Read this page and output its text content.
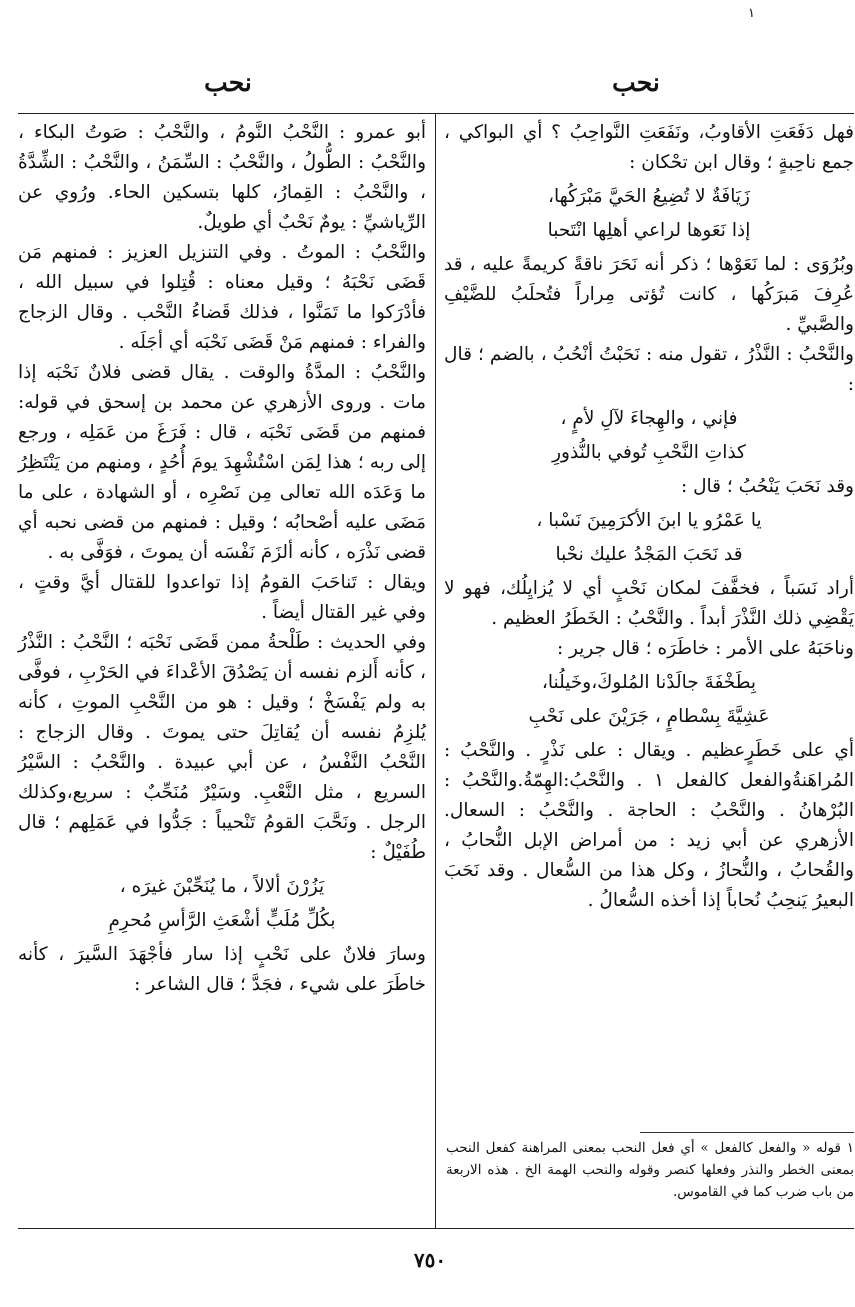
١
نحب
نحب

فهل دَفَعَتِ الأقاوبُ، ونَفَعَتِ النَّواحِبُ ؟ أي البواكي ، جمع ناحِبةٍ ؛ وقال ابن تحْكان :

زَيَافَةٌ لا تُضِيعُ الحَيَّ مَبْرَكُها،

إذا نَعَوها لراعي أهلِها انْتَحبا

وبُرُوَى : لما نَعَوْها ؛ ذكر أنه نَحَرَ ناقةً كريمةً عليه ، قد عُرِفَ مَبرَكُها ، كانت تُؤتى مِراراً فتُحلَبُ للضَّيْفِ والصَّبيِّ .

والنَّحْبُ : النَّذْرُ ، تقول منه : نَحَبْتُ أنْحُبُ ، بالضم ؛ قال :

فإني ، والهِجاءَ لآلِ لأمٍ ،

كذاتِ النَّحْبِ تُوفي بالنُّذورِ

وقد نَحَبَ يَنْحُبُ ؛ قال :

يا عَمْرُو يا ابنَ الأكرَمِينَ نَسْبا ،

قد نَحَبَ المَجْدُ عليك نحْبا

أراد نَسَباً ، فخفَّفَ لمكان نَحْبٍ أي لا يُزايِلُك، فهو لا يَقْضِي ذلك النَّذْرَ أبداً . والنَّحْبُ : الخَطَرُ العظيم .

وناحَبَهُ على الأمر : خاطَرَه ؛ قال جرير :

بِطَخْفَةَ جالَدْنا المُلوكَ،وخَيلُنا،

عَشِيَّةَ بِسْطامٍ ، جَرَيْنَ على نَحْبِ

أي على خَطَرٍعظيم . ويقال : على نَذْرٍ . والنَّحْبُ : المُراهَنةُوالفعل كالفعل ١ . والنَّحْبُ:الهِمّةُ.والنَّحْبُ : البُرْهانُ . والنَّحْبُ : الحاجة . والنَّحْبُ : السعال. الأزهري عن أبي زيد : من أمراض الإبل النُّحابُ ، والقُحابُ ، والنُّحازُ ، وكل هذا من السُّعال . وقد نَحَبَ البعيرُ يَنحِبُ نُحاباً إذا أخذه السُّعالُ .

أبو عمرو : النَّحْبُ النَّومُ ، والنَّحْبُ : صَوتُ البكاء ، والنَّحْبُ : الطُّولُ ، والنَّحْبُ : السِّمَنُ ، والنَّحْبُ : الشِّدَّةُ ، والنَّحْبُ : القِمارُ، كلها بتسكين الحاء. ورُوي عن الرِّياشيِّ : يومٌ نَحْبٌ أي طويلٌ.

والنَّحْبُ : الموتُ . وفي التنزيل العزيز : فمنهم مَن قَضَى نَحْبَهُ ؛ وقيل معناه : قُتِلوا في سبيل الله ، فأدْرَكوا ما تَمَنَّوا ، فذلك قَضاءُ النَّحْب . وقال الزجاج والفراء : فمنهم مَنْ قَضَى نَحْبَه أي أجَلَه .

والنَّحْبُ : المدَّةُ والوقت . يقال قضى فلانٌ نَحْبَه إذا مات . وروى الأزهري عن محمد بن إسحق في قوله: فمنهم من قَضَى نَحْبَه ، قال : فَرَغَ من عَمَلِه ، ورجع إلى ربه ؛ هذا لِمَن اسْتُشْهِدَ يومَ أُحُدٍ ، ومنهم من يَنْتَظِرُ ما وَعَدَه الله تعالى مِن نَصْرِه ، أو الشهادة ، على ما مَضَى عليه أصْحابُه ؛ وقيل : فمنهم من قضى نحبه أي قضى نَذْرَه ، كأنه ألزَمَ نَفْسَه أن يموتَ ، فوَفَّى به .

ويقال : تَناحَبَ القومُ إذا تواعدوا للقتال أيَّ وقتٍ ، وفي غير القتال أيضاً .

وفي الحديث : طَلْحةُ ممن قَضَى نَحْبَه ؛ النَّحْبُ : النَّذْرُ ، كأنه أَلزم نفسه أن يَصْدُقَ الأعْداءَ في الحَرْبِ ، فوفَّى به ولم يَفْسَخْ ؛ وقيل : هو من النَّحْبِ الموتِ ، كأنه يُلزِمُ نفسه أن يُقاتِلَ حتى يموتَ . وقال الزجاج : النَّحْبُ النَّفْسُ ، عن أبي عبيدة . والنَّحْبُ : السَّيْرُ السريع ، مثل النَّعْبِ. وسَيْرٌ مُنَحِّبٌ : سريع،وكذلك الرجل . ونَحَّبَ القومُ تَنْحيباً : جَدُّوا في عَمَلِهم ؛ قال طُفَيْلٌ :

يَزُرْنَ ألالاً ، ما يُنَحِّبْنَ غيرَه ،

بكُلِّ مُلَبٍّ أشْعَثِ الرَّأسِ مُحرِمِ

وسارَ فلانٌ على نَحْبٍ إذا سار فأجْهَدَ السَّيرَ ، كأنه خاطَرَ على شيء ، فجَدَّ ؛ قال الشاعر :

١ قوله « والفعل كالفعل » أي فعل النحب بمعنى المراهنة كفعل النحب بمعنى الخطر والنذر وفعلها كنصر وقوله والنحب الهمة الخ . هذه الاربعة من باب ضرب كما في القاموس.
٧٥٠
